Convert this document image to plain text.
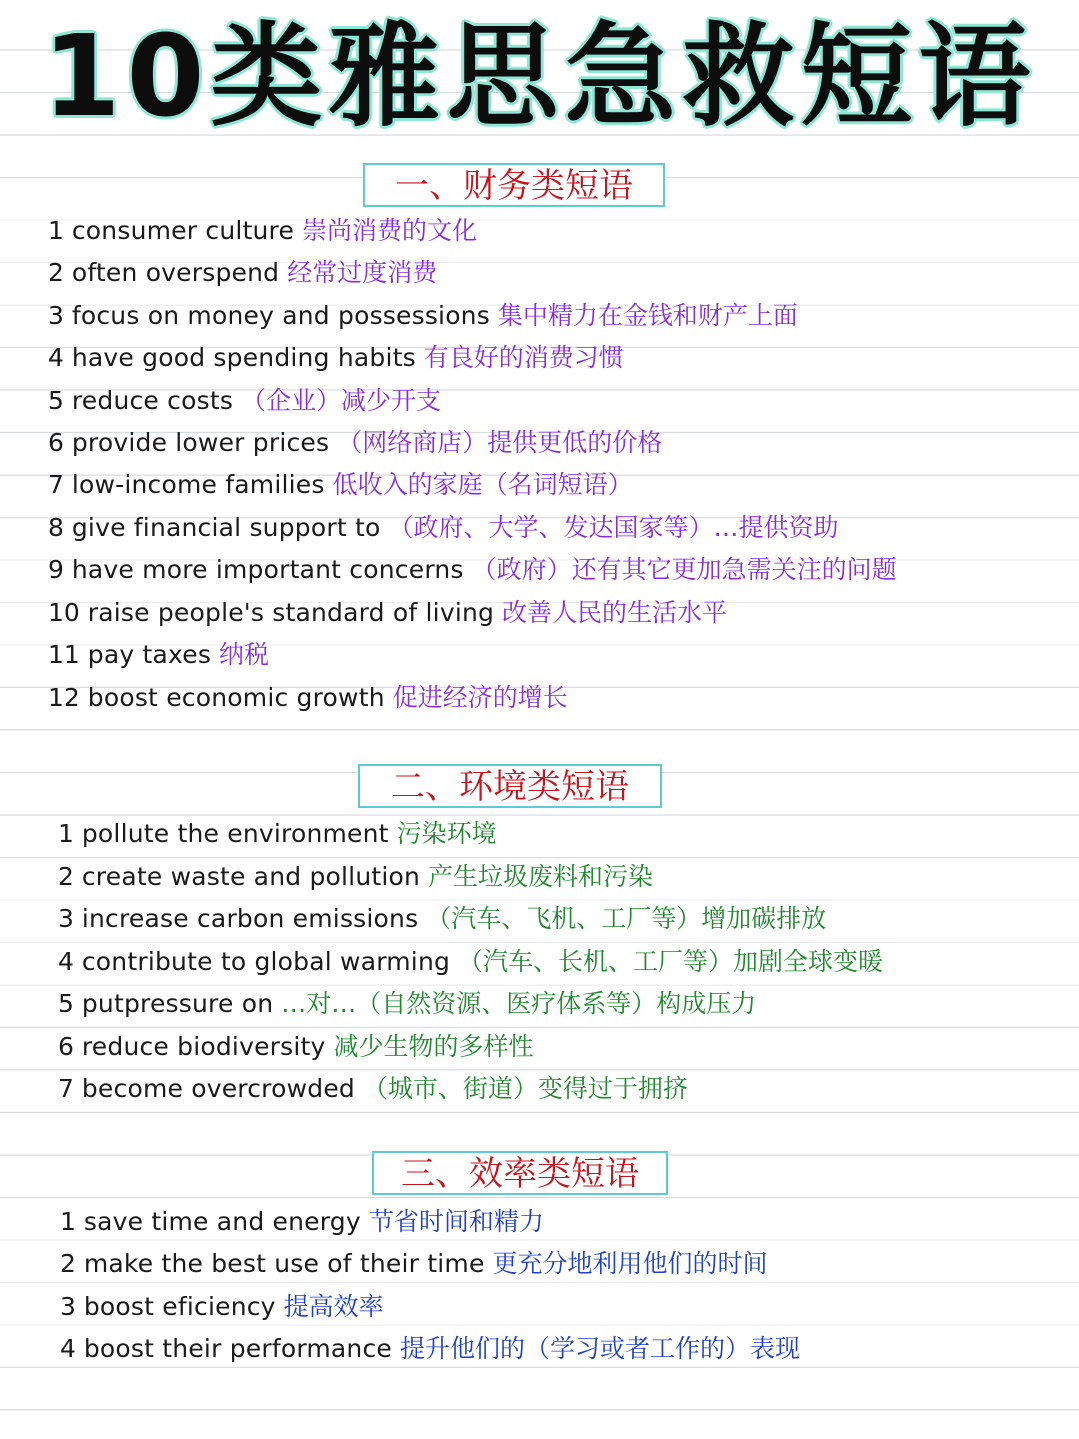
10类雅思急救短语
一、财务类短语
1 consumer culture 崇尚消费的文化
2 often overspend 经常过度消费
3 focus on money and possessions 集中精力在金钱和财产上面
4 have good spending habits 有良好的消费习惯
5 reduce costs （企业）减少开支
6 provide lower prices （网络商店）提供更低的价格
7 low-income families 低收入的家庭（名词短语）
8 give financial support to （政府、大学、发达国家等）…提供资助
9 have more important concerns （政府）还有其它更加急需关注的问题
10 raise people's standard of living 改善人民的生活水平
11 pay taxes 纳税
12 boost economic growth 促进经济的增长
二、环境类短语
1 pollute the environment 污染环境
2 create waste and pollution 产生垃圾废料和污染
3 increase carbon emissions （汽车、飞机、工厂等）增加碳排放
4 contribute to global warming （汽车、长机、工厂等）加剧全球变暖
5 putpressure on …对…（自然资源、医疗体系等）构成压力
6 reduce biodiversity 减少生物的多样性
7 become overcrowded （城市、街道）变得过于拥挤
三、效率类短语
1 save time and energy 节省时间和精力
2 make the best use of their time 更充分地利用他们的时间
3 boost eficiency 提高效率
4 boost their performance 提升他们的（学习或者工作的）表现
